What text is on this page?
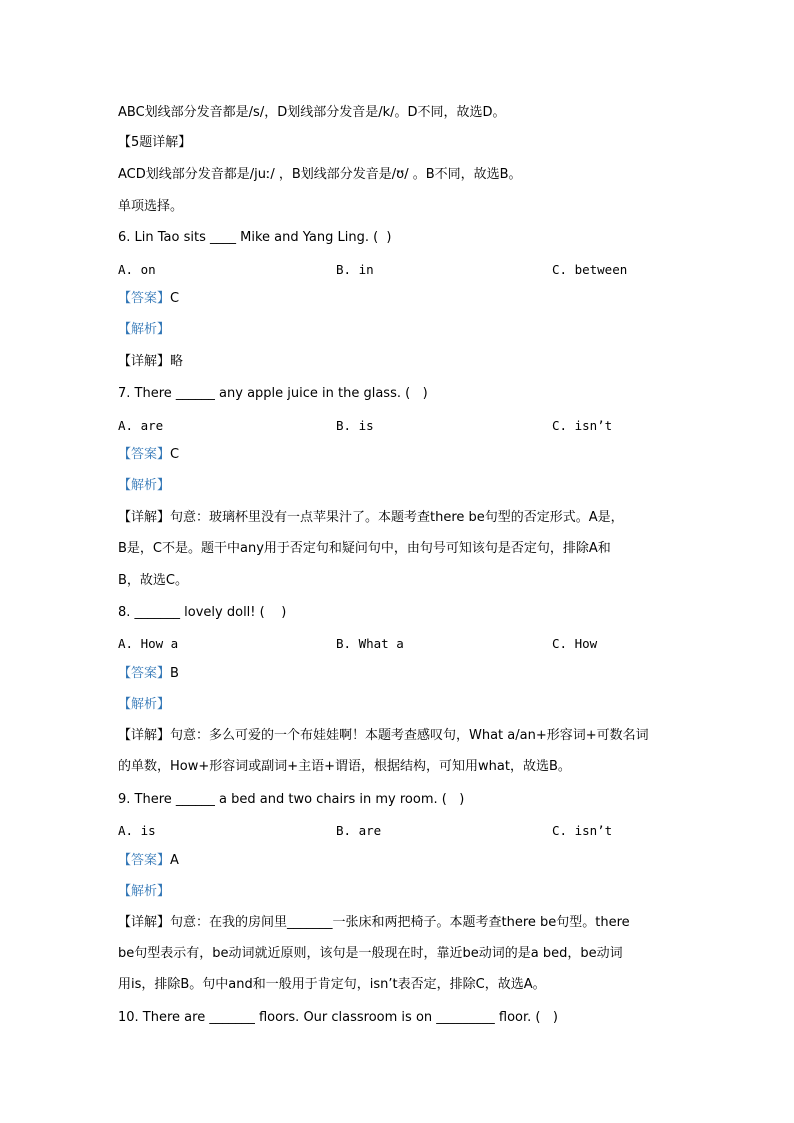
ABC划线部分发音都是/s/，D划线部分发音是/k/。D不同，故选D。
【5题详解】
ACD划线部分发音都是/juː/ ，B划线部分发音是/ʊ/ 。B不同，故选B。
单项选择。
6. Lin Tao sits ____ Mike and Yang Ling. (  )
A. on	B. in	C. between
【答案】C
【解析】
【详解】略
7. There ______ any apple juice in the glass. (   )
A. are	B. is	C. isn’t
【答案】C
【解析】
【详解】句意：玻璃杯里没有一点苹果汁了。本题考查there be句型的否定形式。A是，
B是，C不是。题干中any用于否定句和疑问句中，由句号可知该句是否定句，排除A和
B，故选C。
8. _______ lovely doll! (    )
A. How a	B. What a	C. How
【答案】B
【解析】
【详解】句意：多么可爱的一个布娃娃啊！本题考查感叹句，What a/an+形容词+可数名词
的单数，How+形容词或副词+主语+谓语，根据结构，可知用what，故选B。
9. There ______ a bed and two chairs in my room. (   )
A. is	B. are	C. isn’t
【答案】A
【解析】
【详解】句意：在我的房间里_______一张床和两把椅子。本题考查there be句型。there
be句型表示有，be动词就近原则，该句是一般现在时，靠近be动词的是a bed，be动词
用is，排除B。句中and和一般用于肯定句，isn’t表否定，排除C，故选A。
10. There are _______ floors. Our classroom is on _________ floor. (   )
